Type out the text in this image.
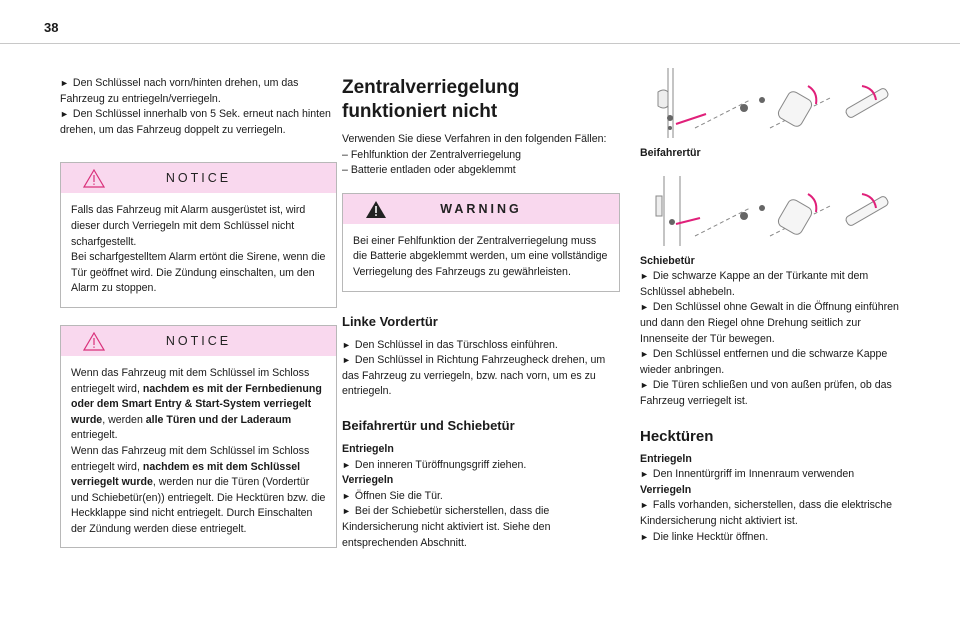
38

► Den Schlüssel nach vorn/hinten drehen, um das Fahrzeug zu entriegeln/verriegeln.

► Den Schlüssel innerhalb von 5 Sek. erneut nach hinten drehen, um das Fahrzeug doppelt zu verriegeln.

NOTICE

Falls das Fahrzeug mit Alarm ausgerüstet ist, wird dieser durch Verriegeln mit dem Schlüssel nicht scharfgestellt.

Bei scharfgestelltem Alarm ertönt die Sirene, wenn die Tür geöffnet wird. Die Zündung einschalten, um den Alarm zu stoppen.

NOTICE

Wenn das Fahrzeug mit dem Schlüssel im Schloss entriegelt wird, nachdem es mit der Fernbedienung oder dem Smart Entry & Start-System verriegelt wurde, werden alle Türen und der Laderaum entriegelt.

Wenn das Fahrzeug mit dem Schlüssel im Schloss entriegelt wird, nachdem es mit dem Schlüssel verriegelt wurde, werden nur die Türen (Vordertür und Schiebetür(en)) entriegelt. Die Hecktüren bzw. die Heckklappe sind nicht entriegelt. Durch Einschalten der Zündung werden diese entriegelt.

Zentralverriegelung funktioniert nicht

Verwenden Sie diese Verfahren in den folgenden Fällen:

– Fehlfunktion der Zentralverriegelung

– Batterie entladen oder abgeklemmt

WARNING

Bei einer Fehlfunktion der Zentralverriegelung muss die Batterie abgeklemmt werden, um eine vollständige Verriegelung des Fahrzeugs zu gewährleisten.

Linke Vordertür

► Den Schlüssel in das Türschloss einführen.

► Den Schlüssel in Richtung Fahrzeugheck drehen, um das Fahrzeug zu verriegeln, bzw. nach vorn, um es zu entriegeln.

Beifahrertür und Schiebetür

Entriegeln

► Den inneren Türöffnungsgriff ziehen.

Verriegeln

► Öffnen Sie die Tür.

► Bei der Schiebetür sicherstellen, dass die Kindersicherung nicht aktiviert ist. Siehe den entsprechenden Abschnitt.

Beifahrertür

Schiebetür

► Die schwarze Kappe an der Türkante mit dem Schlüssel abhebeln.

► Den Schlüssel ohne Gewalt in die Öffnung einführen und dann den Riegel ohne Drehung seitlich zur Innenseite der Tür bewegen.

► Den Schlüssel entfernen und die schwarze Kappe wieder anbringen.

► Die Türen schließen und von außen prüfen, ob das Fahrzeug verriegelt ist.

Hecktüren

Entriegeln

► Den Innentürgriff im Innenraum verwenden

Verriegeln

► Falls vorhanden, sicherstellen, dass die elektrische Kindersicherung nicht aktiviert ist.

► Die linke Hecktür öffnen.
